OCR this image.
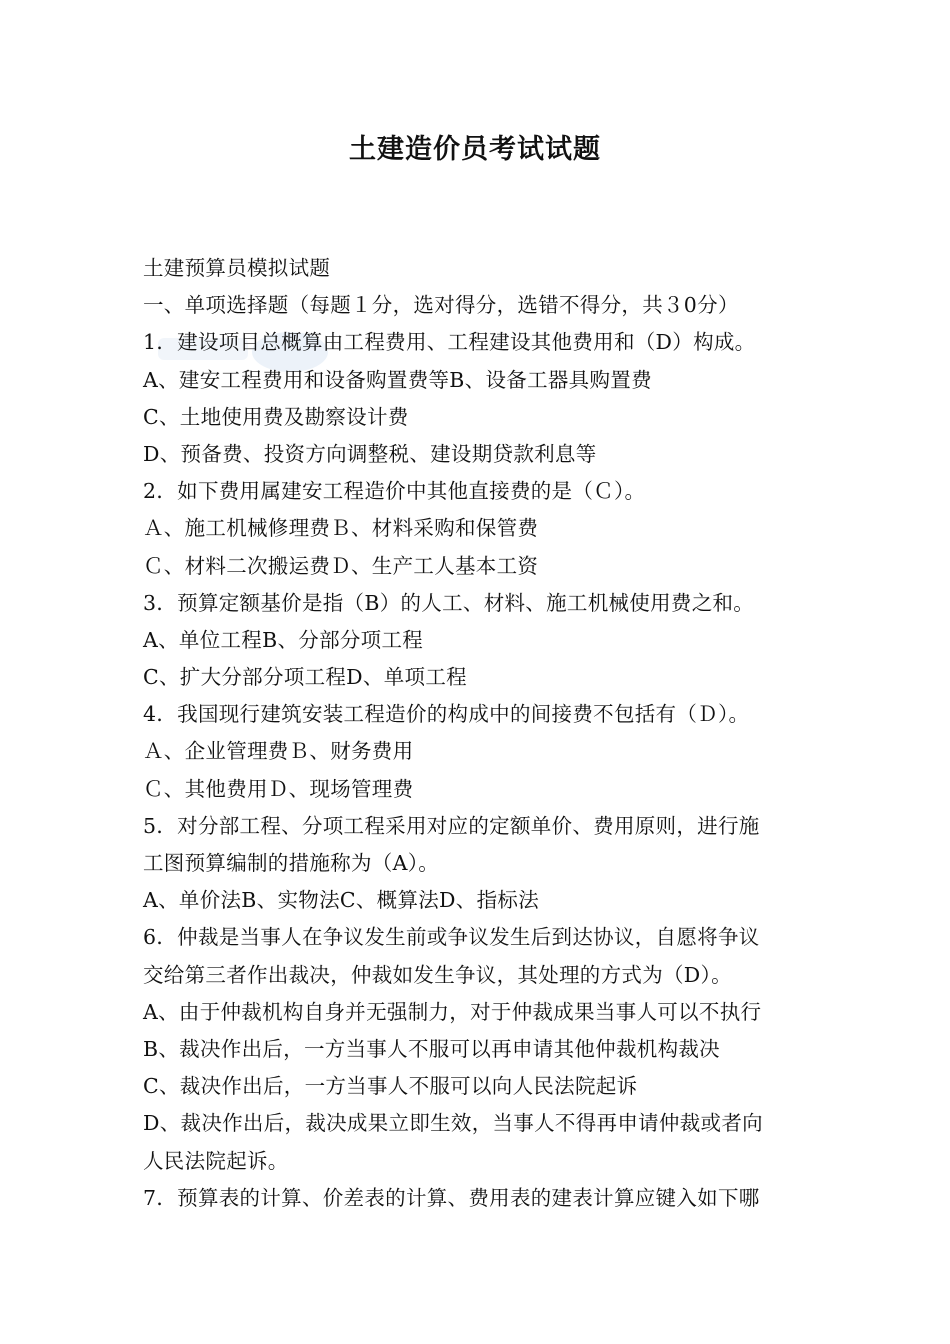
土建造价员考试试题
土建预算员模拟试题
一、单项选择题（每题１分，选对得分，选错不得分，共３0分）
1．建设项目总概算由工程费用、工程建设其他费用和（D）构成。
A、建安工程费用和设备购置费等B、设备工器具购置费
C、土地使用费及勘察设计费
D、预备费、投资方向调整税、建设期贷款利息等
2．如下费用属建安工程造价中其他直接费的是（Ｃ）。
Ａ、施工机械修理费Ｂ、材料采购和保管费
Ｃ、材料二次搬运费Ｄ、生产工人基本工资
3．预算定额基价是指（B）的人工、材料、施工机械使用费之和。
A、单位工程B、分部分项工程
C、扩大分部分项工程D、单项工程
4．我国现行建筑安装工程造价的构成中的间接费不包括有（Ｄ）。
Ａ、企业管理费Ｂ、财务费用
Ｃ、其他费用Ｄ、现场管理费
5．对分部工程、分项工程采用对应的定额单价、费用原则，进行施
工图预算编制的措施称为（A）。
A、单价法B、实物法C、概算法D、指标法
6．仲裁是当事人在争议发生前或争议发生后到达协议，自愿将争议
交给第三者作出裁决，仲裁如发生争议，其处理的方式为（D）。
A、由于仲裁机构自身并无强制力，对于仲裁成果当事人可以不执行
B、裁决作出后，一方当事人不服可以再申请其他仲裁机构裁决
C、裁决作出后，一方当事人不服可以向人民法院起诉
D、裁决作出后，裁决成果立即生效，当事人不得再申请仲裁或者向
人民法院起诉。
7．预算表的计算、价差表的计算、费用表的建表计算应键入如下哪
